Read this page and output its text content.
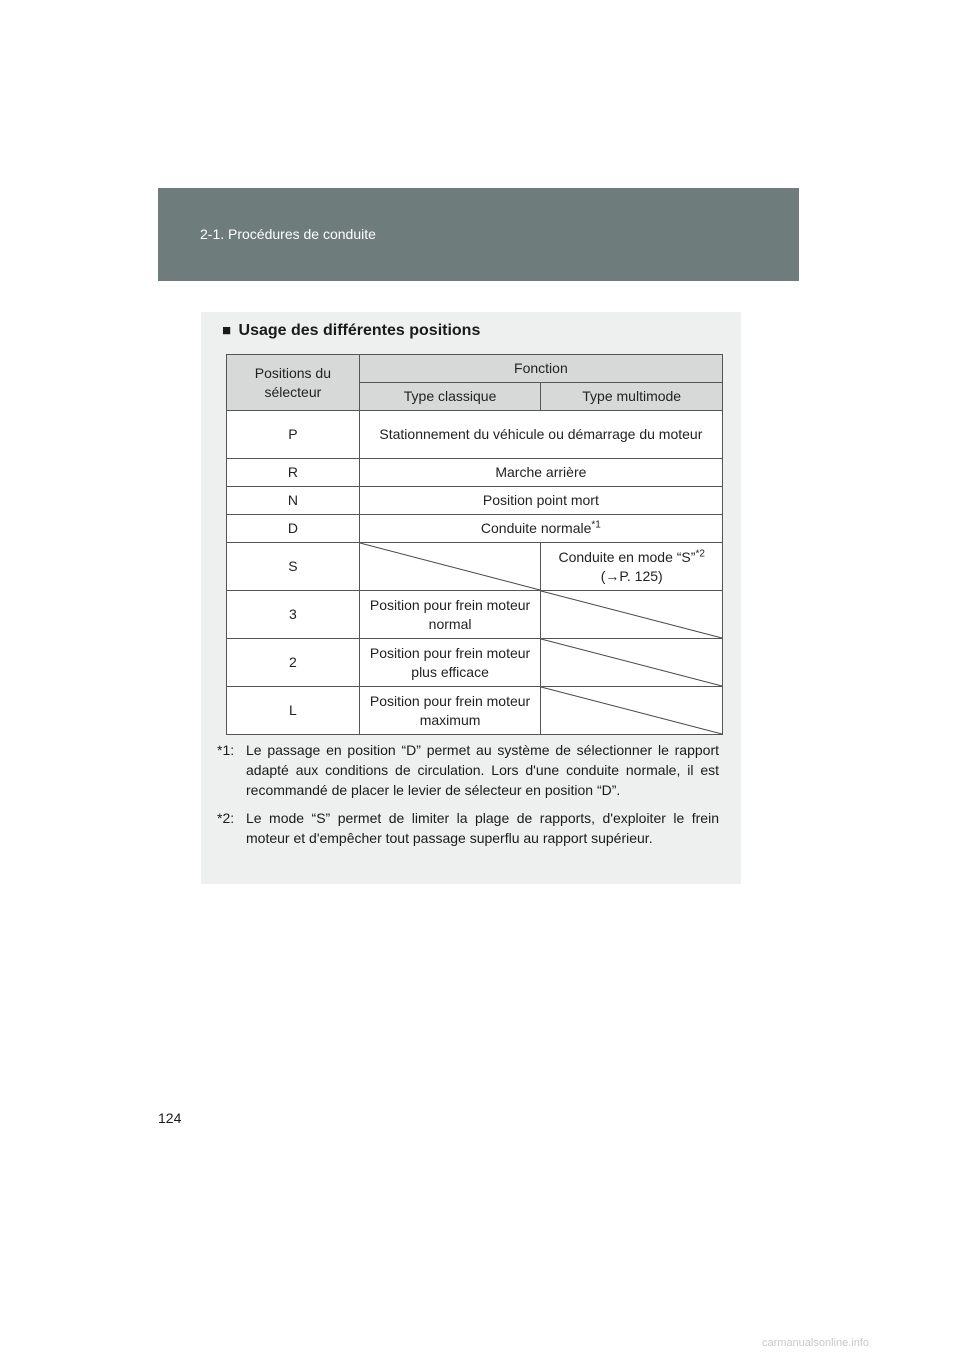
2-1. Procédures de conduite
■ Usage des différentes positions
Positions du sélecteur	Fonction	
	Type classique	Type multimode
P	Stationnement du véhicule ou démarrage du moteur	
R	Marche arrière	
N	Position point mort	
D	Conduite normale$^{*1}$
S		Conduite en mode “S”$^{*2}$
(→P. 125)
3	Position pour frein moteur normal	
2	Position pour frein moteur plus efficace	
L	Position pour frein moteur maximum	
*1: Le passage en position “D” permet au système de sélectionner le rapport adapté aux conditions de circulation. Lors d'une conduite normale, il est recommandé de placer le levier de sélecteur en position “D”.
*2: Le mode “S” permet de limiter la plage de rapports, d'exploiter le frein moteur et d'empêcher tout passage superflu au rapport supérieur.
124
carmanualsonline.info
